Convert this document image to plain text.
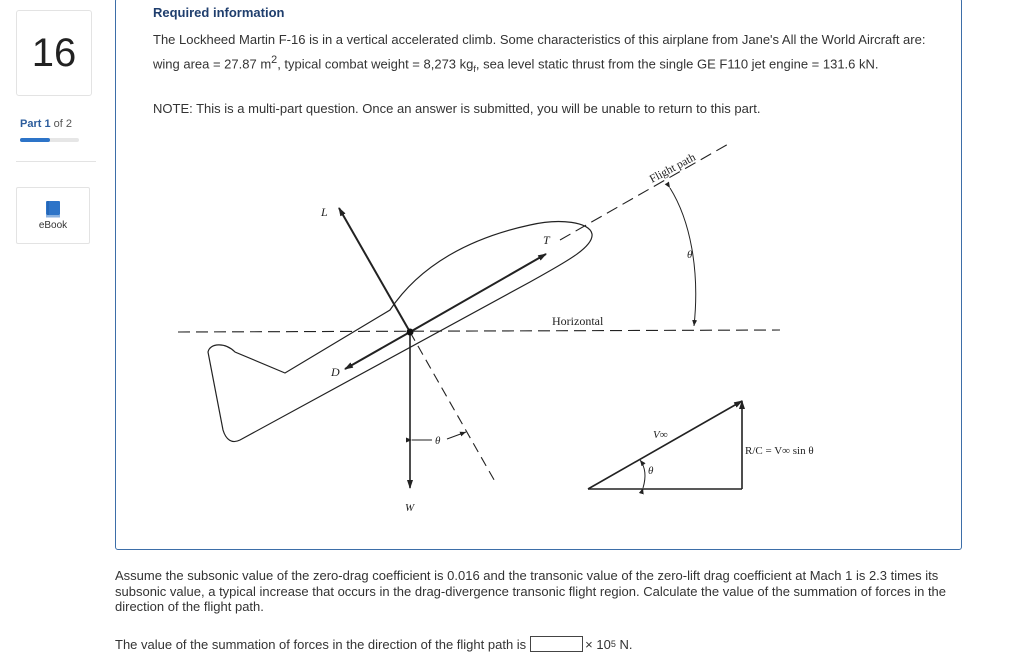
16
Part 1 of 2
eBook
Required information
The Lockheed Martin F-16 is in a vertical accelerated climb. Some characteristics of this airplane from Jane's All the World Aircraft are: wing area = 27.87 $m^2$, typical combat weight = 8,273 $kg_f$, sea level static thrust from the single GE F110 jet engine = 131.6 kN.
NOTE: This is a multi-part question. Once an answer is submitted, you will be unable to return to this part.
L
T
D
W
θ
θ
θ
Flight path
Horizontal
V∞
R/C = V∞ sin θ
Assume the subsonic value of the zero-drag coefficient is 0.016 and the transonic value of the zero-lift drag coefficient at Mach 1 is 2.3 times its subsonic value, a typical increase that occurs in the drag-divergence transonic flight region. Calculate the value of the summation of forces in the direction of the flight path.
The value of the summation of forces in the direction of the flight path is	× 10 5
N.
